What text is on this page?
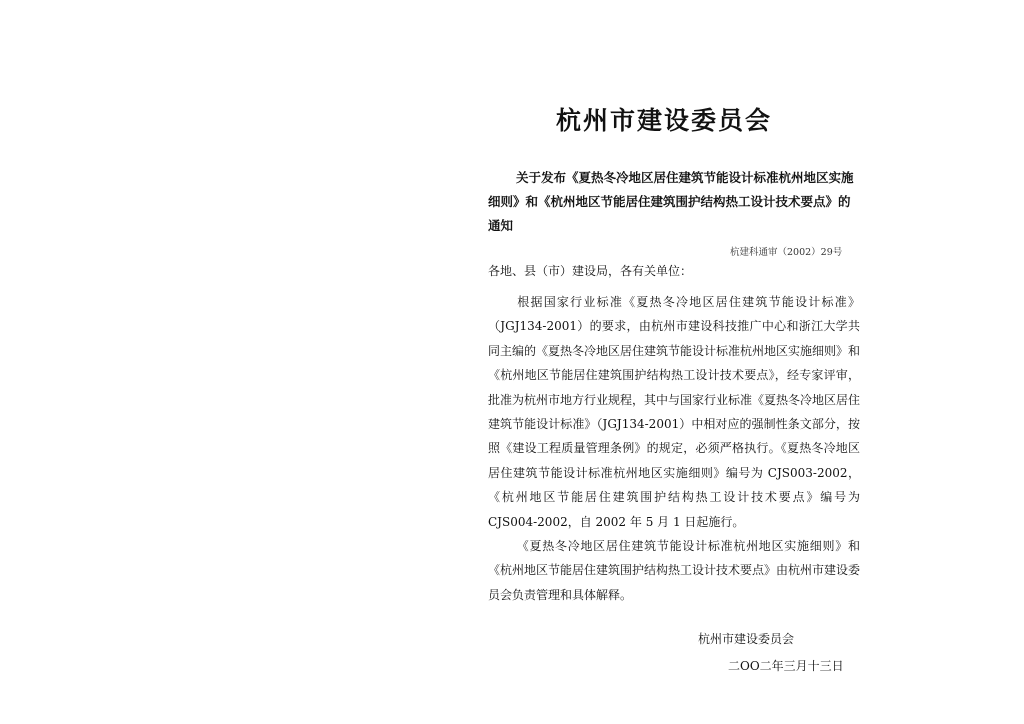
杭州市建设委员会
关于发布《夏热冬冷地区居住建筑节能设计标准杭州地区实施细则》和《杭州地区节能居住建筑围护结构热工设计技术要点》的通知
杭建科通审（2002）29号
各地、县（市）建设局，各有关单位：
根据国家行业标准《夏热冬冷地区居住建筑节能设计标准》（JGJ134-2001）的要求，由杭州市建设科技推广中心和浙江大学共同主编的《夏热冬冷地区居住建筑节能设计标准杭州地区实施细则》和《杭州地区节能居住建筑围护结构热工设计技术要点》，经专家评审，批准为杭州市地方行业规程，其中与国家行业标准《夏热冬冷地区居住建筑节能设计标准》（JGJ134-2001）中相对应的强制性条文部分，按照《建设工程质量管理条例》的规定，必须严格执行。《夏热冬冷地区居住建筑节能设计标准杭州地区实施细则》编号为 CJS003-2002，《杭州地区节能居住建筑围护结构热工设计技术要点》编号为 CJS004-2002，自 2002 年 5 月 1 日起施行。
《夏热冬冷地区居住建筑节能设计标准杭州地区实施细则》和《杭州地区节能居住建筑围护结构热工设计技术要点》由杭州市建设委员会负责管理和具体解释。
杭州市建设委员会
二OO二年三月十三日
